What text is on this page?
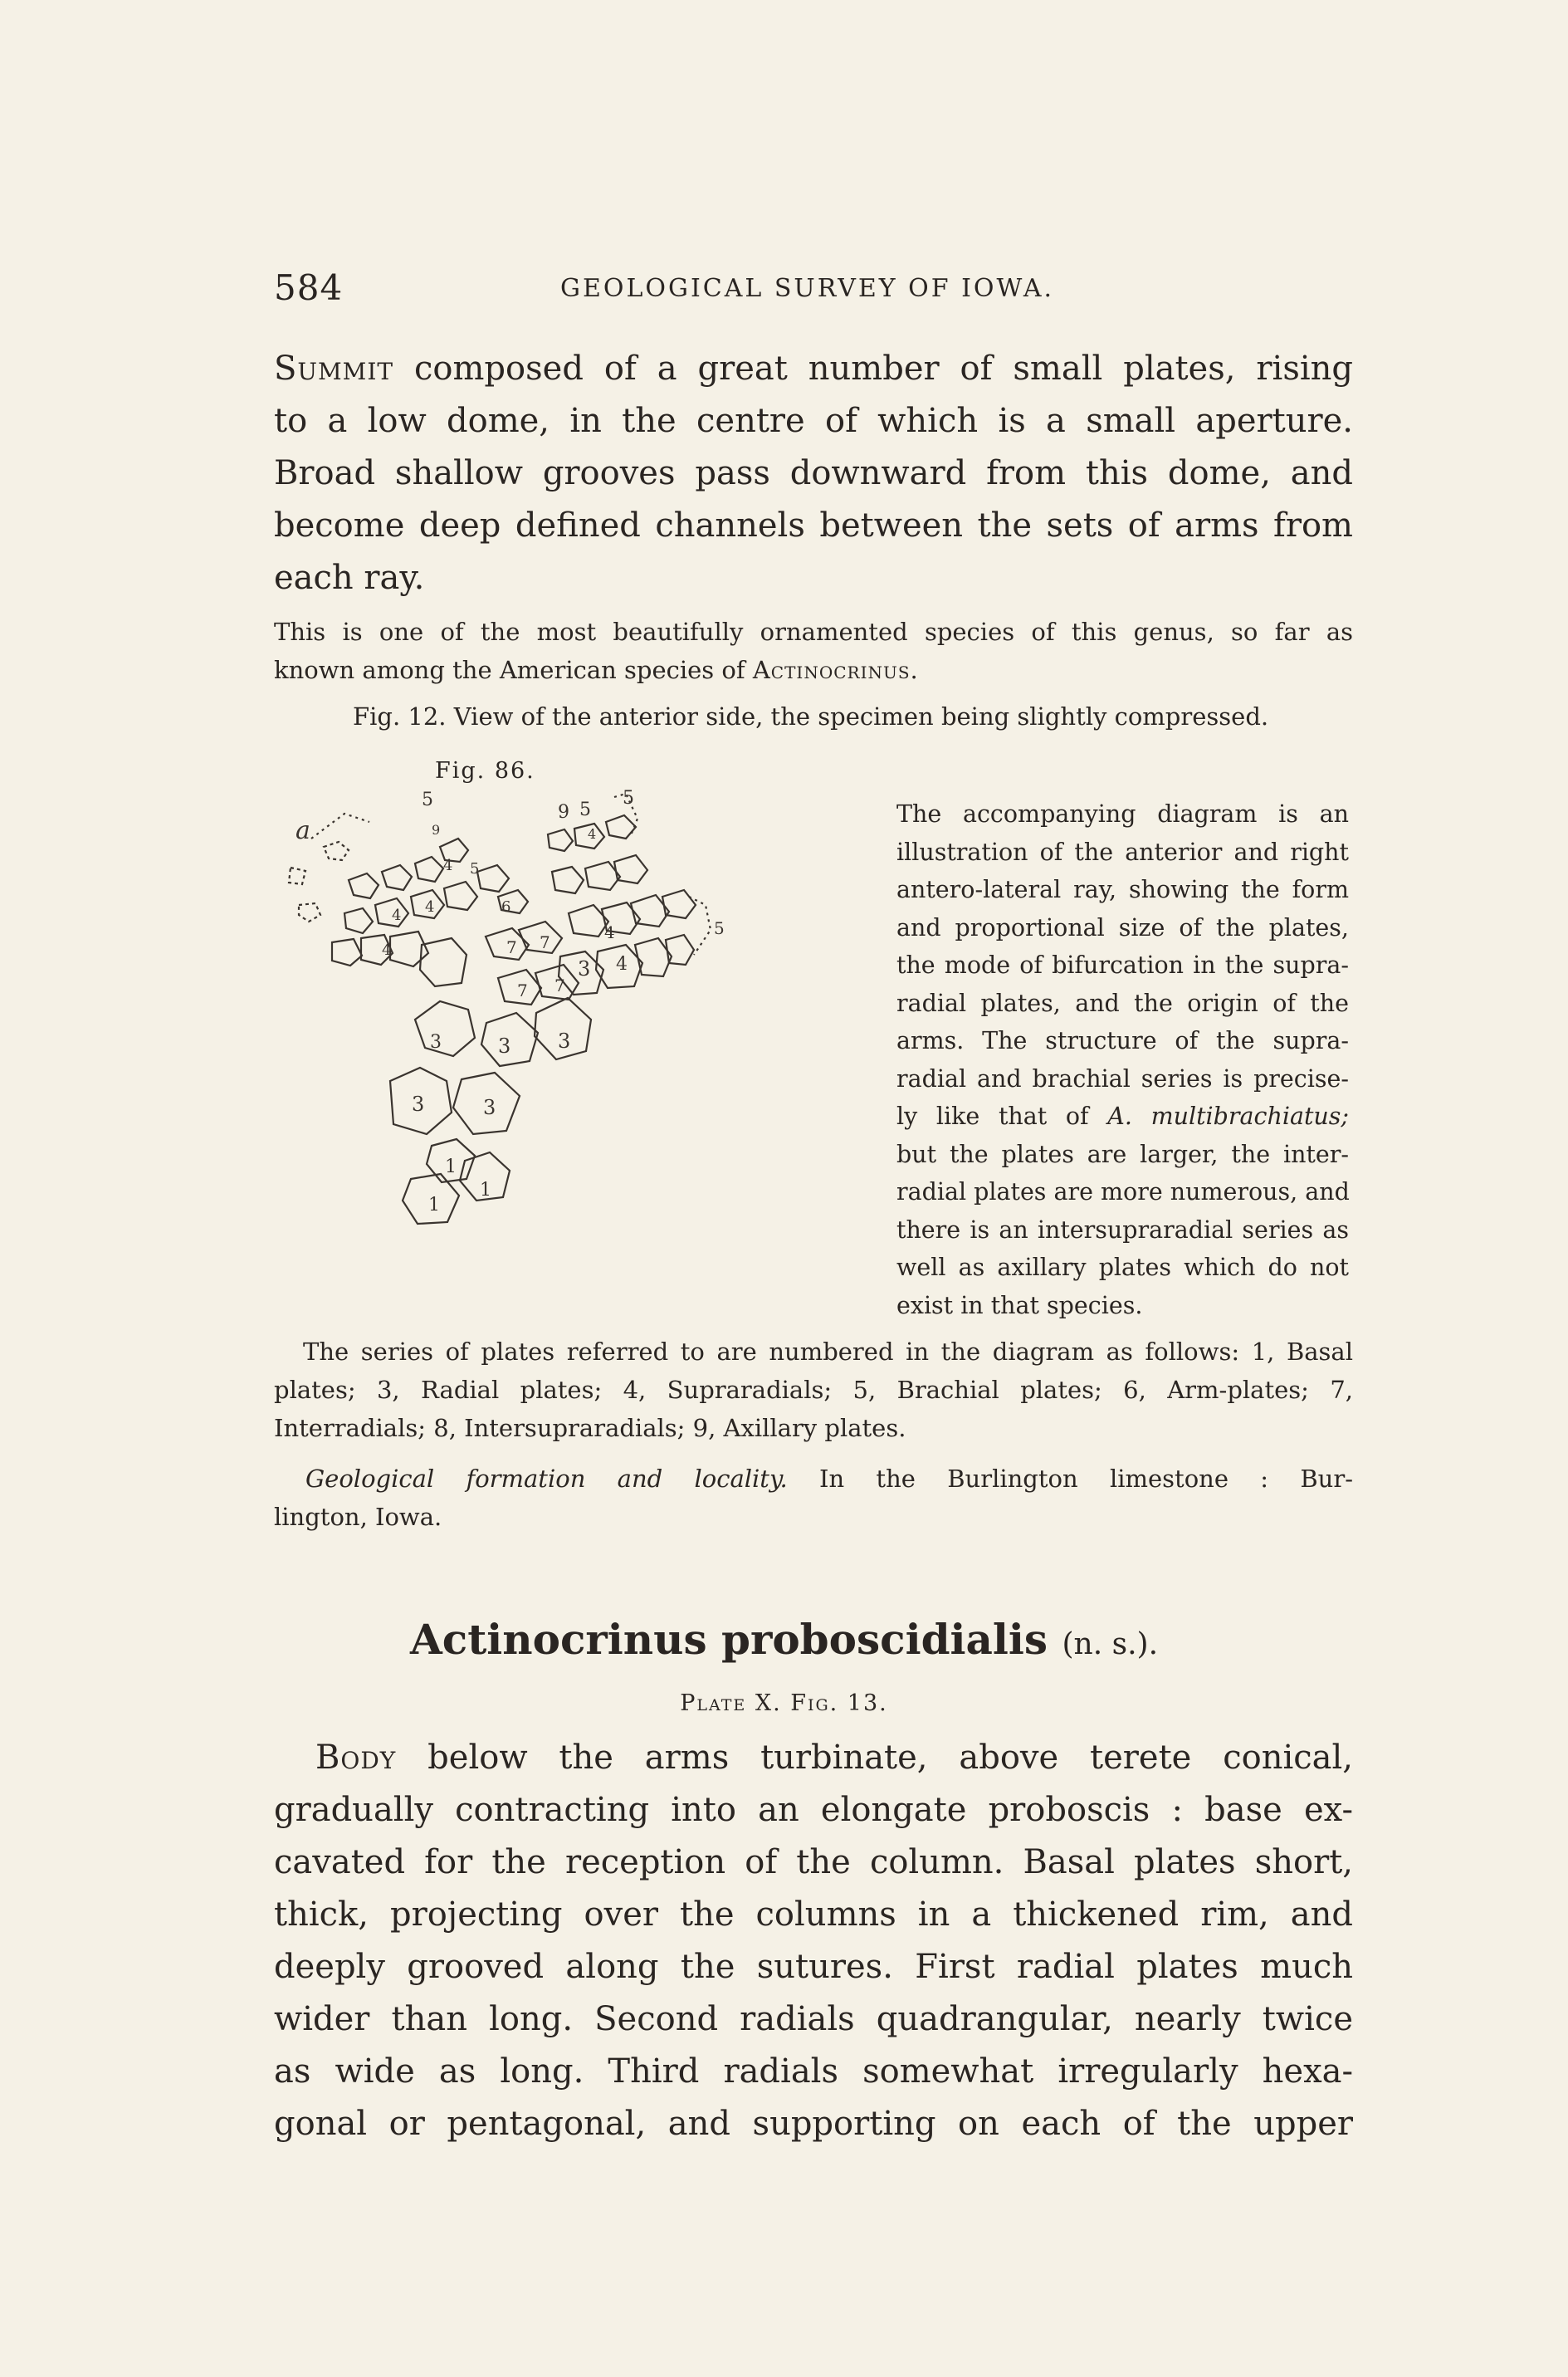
584	GEOLOGICAL SURVEY OF IOWA.
Summit composed of a great number of small plates, rising
to a low dome, in the centre of which is a small aperture.
Broad shallow grooves pass downward from this dome, and
become deep defined channels between the sets of arms from
each ray.
This is one of the most beautifully ornamented species of this genus, so far as
known among the American species of Actinocrinus.
Fig. 12. View of the anterior side, the specimen being slightly compressed.
Fig. 86.
a
5	5
9 5
9
4 5
4
4
4
4
4
6
7 7
7 7
3
4
3
3
3
3	3
1
1
1
5
The accompanying diagram is an
illustration of the anterior and right
antero-lateral ray, showing the form
and proportional size of the plates,
the mode of bifurcation in the supra-
radial plates, and the origin of the
arms. The structure of the supra-
radial and brachial series is precise-
ly like that of A. multibrachiatus;
but the plates are larger, the inter-
radial plates are more numerous, and
there is an intersupraradial series as
well as axillary plates which do not
exist in that species.
The series of plates referred to are numbered in the diagram as follows: 1, Basal
plates; 3, Radial plates; 4, Supraradials; 5, Brachial plates; 6, Arm-plates; 7,
Interradials; 8, Intersupraradials; 9, Axillary plates.
Geological formation and locality. In the Burlington limestone : Bur-
lington, Iowa.
Actinocrinus proboscidialis (n. s.).
Plate X. Fig. 13.
Body below the arms turbinate, above terete conical,
gradually contracting into an elongate proboscis : base ex-
cavated for the reception of the column. Basal plates short,
thick, projecting over the columns in a thickened rim, and
deeply grooved along the sutures. First radial plates much
wider than long. Second radials quadrangular, nearly twice
as wide as long. Third radials somewhat irregularly hexa-
gonal or pentagonal, and supporting on each of the upper
